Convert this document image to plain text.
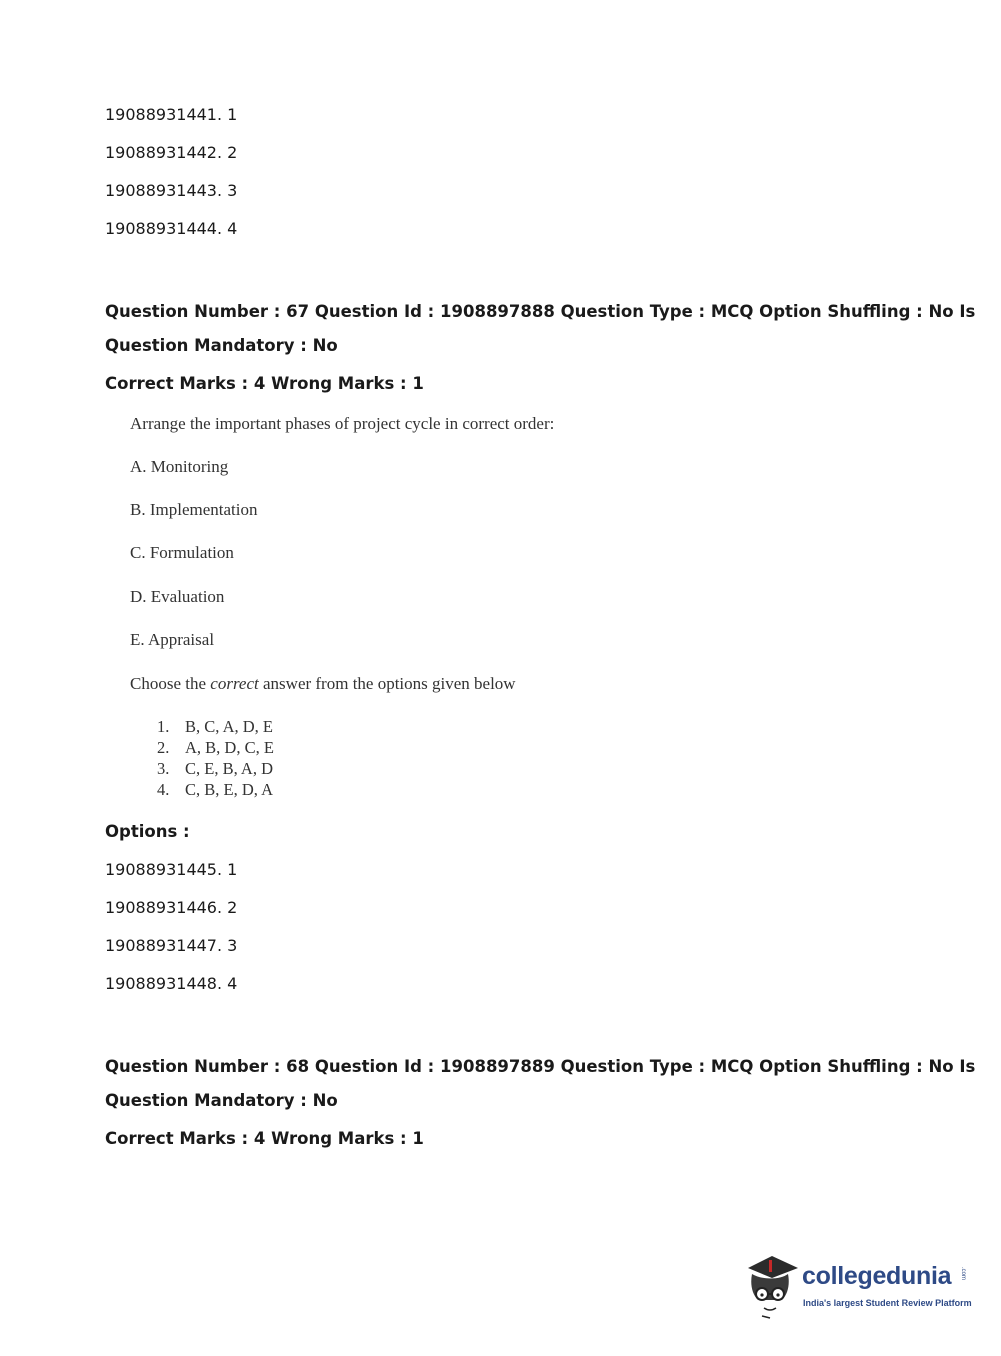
19088931441. 1
19088931442. 2
19088931443. 3
19088931444. 4
Question Number : 67 Question Id : 1908897888 Question Type : MCQ Option Shuffling : No Is
Question Mandatory : No
Correct Marks : 4 Wrong Marks : 1
Arrange the important phases of project cycle in correct order:
A. Monitoring
B. Implementation
C. Formulation
D. Evaluation
E. Appraisal
Choose the correct answer from the options given below
1. B, C, A, D, E
2. A, B, D, C, E
3. C, E, B, A, D
4. C, B, E, D, A
Options :
19088931445. 1
19088931446. 2
19088931447. 3
19088931448. 4
Question Number : 68 Question Id : 1908897889 Question Type : MCQ Option Shuffling : No Is
Question Mandatory : No
Correct Marks : 4 Wrong Marks : 1
collegedunia .com
India's largest Student Review Platform
